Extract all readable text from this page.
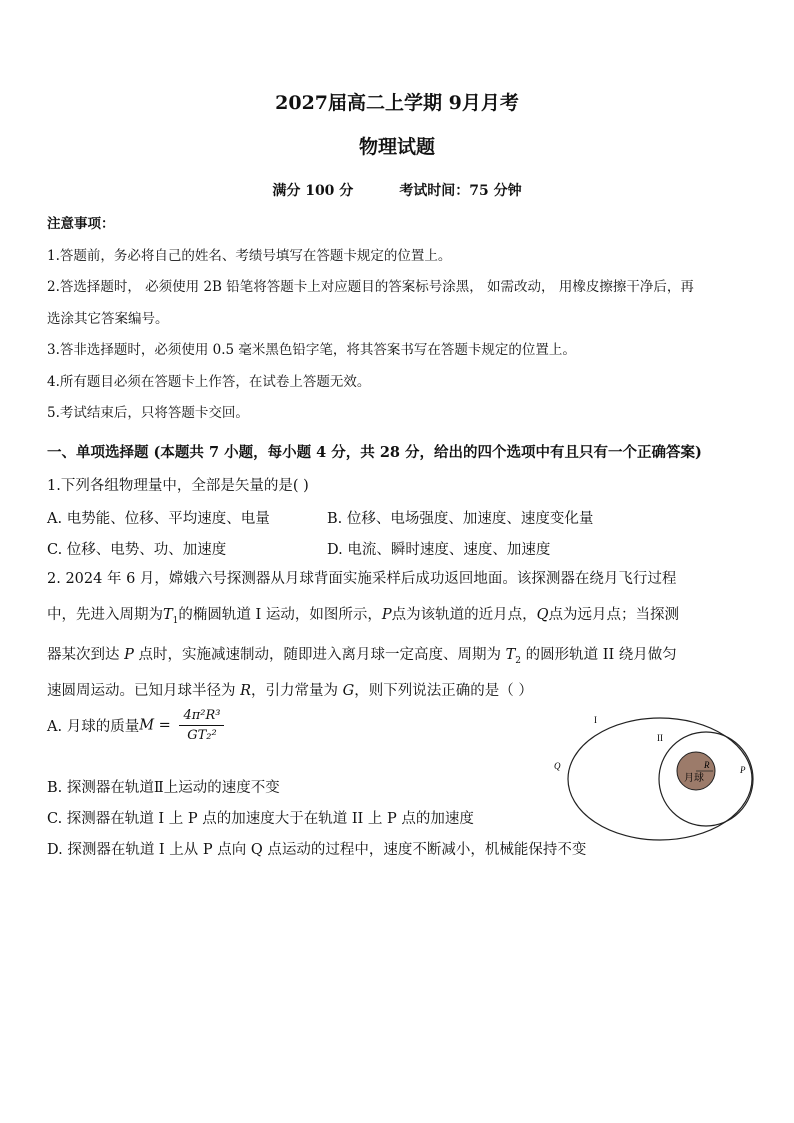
2027届高二上学期 9月月考
物理试题
满分 100 分	考试时间：75 分钟
注意事项：
1.答题前，务必将自己的姓名、考绩号填写在答题卡规定的位置上。
2.答选择题时， 必须使用 2B 铅笔将答题卡上对应题目的答案标号涂黑， 如需改动， 用橡皮擦擦干净后，再
选涂其它答案编号。
3.答非选择题时，必须使用 0.5 毫米黑色铅字笔，将其答案书写在答题卡规定的位置上。
4.所有题目必须在答题卡上作答，在试卷上答题无效。
5.考试结束后，只将答题卡交回。
一、单项选择题 (本题共 7 小题，每小题 4 分，共 28 分，给出的四个选项中有且只有一个正确答案)
1.下列各组物理量中，全部是矢量的是( )
A. 电势能、位移、平均速度、电量	B. 位移、电场强度、加速度、速度变化量
C. 位移、电势、功、加速度	D. 电流、瞬时速度、速度、加速度
2. 2024 年 6 月，嫦娥六号探测器从月球背面实施采样后成功返回地面。该探测器在绕月飞行过程
中，先进入周期为$T_1$的椭圆轨道 I 运动，如图所示，P点为该轨道的近月点，Q点为远月点；当探测
器某次到达 P 点时，实施减速制动，随即进入离月球一定高度、周期为 $T_2$ 的圆形轨道 II 绕月做匀
速圆周运动。已知月球半径为 R，引力常量为 G，则下列说法正确的是（ ）
A. 月球的质量$M = \frac{\text{4π²R³}}{\text{GT₂²}}$
B. 探测器在轨道Ⅱ上运动的速度不变
C. 探测器在轨道 I 上 P 点的加速度大于在轨道 II 上 P 点的加速度
D. 探测器在轨道 I 上从 P 点向 Q 点运动的过程中，速度不断减小，机械能保持不变
R
月球
I
II
Q	P
